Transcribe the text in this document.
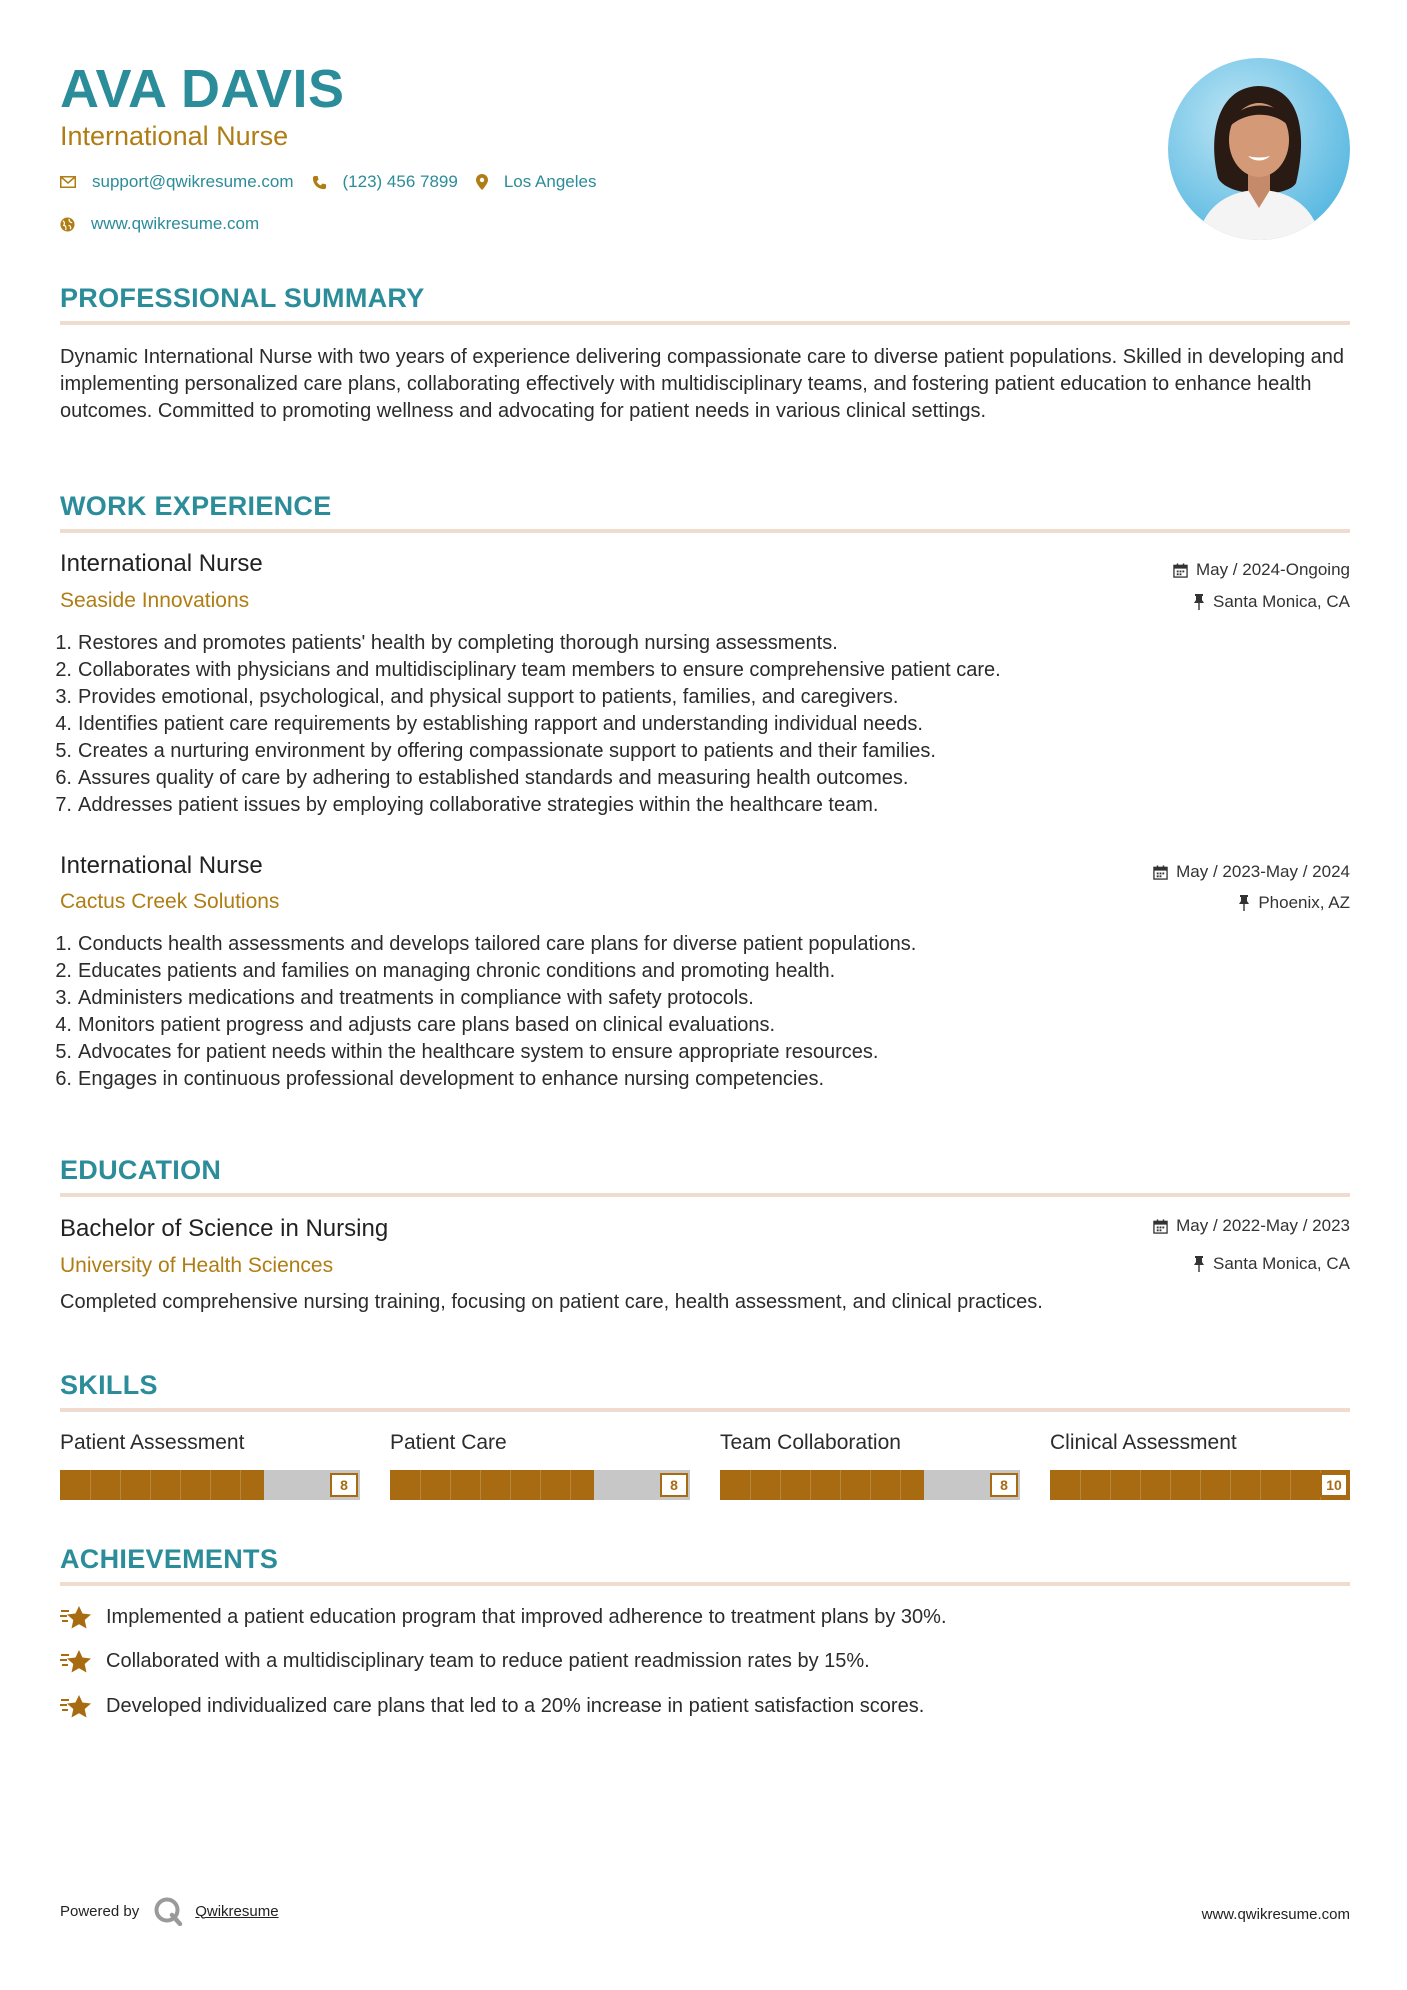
AVA DAVIS
International Nurse
support@qwikresume.com	(123) 456 7899	Los Angeles
www.qwikresume.com
PROFESSIONAL SUMMARY
Dynamic International Nurse with two years of experience delivering compassionate care to diverse patient populations. Skilled in developing and implementing personalized care plans, collaborating effectively with multidisciplinary teams, and fostering patient education to enhance health outcomes. Committed to promoting wellness and advocating for patient needs in various clinical settings.
WORK EXPERIENCE
International Nurse
Seaside Innovations
May / 2024-Ongoing
Santa Monica, CA
1. Restores and promotes patients' health by completing thorough nursing assessments.
2. Collaborates with physicians and multidisciplinary team members to ensure comprehensive patient care.
3. Provides emotional, psychological, and physical support to patients, families, and caregivers.
4. Identifies patient care requirements by establishing rapport and understanding individual needs.
5. Creates a nurturing environment by offering compassionate support to patients and their families.
6. Assures quality of care by adhering to established standards and measuring health outcomes.
7. Addresses patient issues by employing collaborative strategies within the healthcare team.
International Nurse
Cactus Creek Solutions
May / 2023-May / 2024
Phoenix, AZ
1. Conducts health assessments and develops tailored care plans for diverse patient populations.
2. Educates patients and families on managing chronic conditions and promoting health.
3. Administers medications and treatments in compliance with safety protocols.
4. Monitors patient progress and adjusts care plans based on clinical evaluations.
5. Advocates for patient needs within the healthcare system to ensure appropriate resources.
6. Engages in continuous professional development to enhance nursing competencies.
EDUCATION
Bachelor of Science in Nursing
University of Health Sciences
May / 2022-May / 2023
Santa Monica, CA
Completed comprehensive nursing training, focusing on patient care, health assessment, and clinical practices.
SKILLS
Patient Assessment
8
Patient Care
8
Team Collaboration
8
Clinical Assessment
10
ACHIEVEMENTS
Implemented a patient education program that improved adherence to treatment plans by 30%.
Collaborated with a multidisciplinary team to reduce patient readmission rates by 15%.
Developed individualized care plans that led to a 20% increase in patient satisfaction scores.
Powered by	Qwikresume	www.qwikresume.com
